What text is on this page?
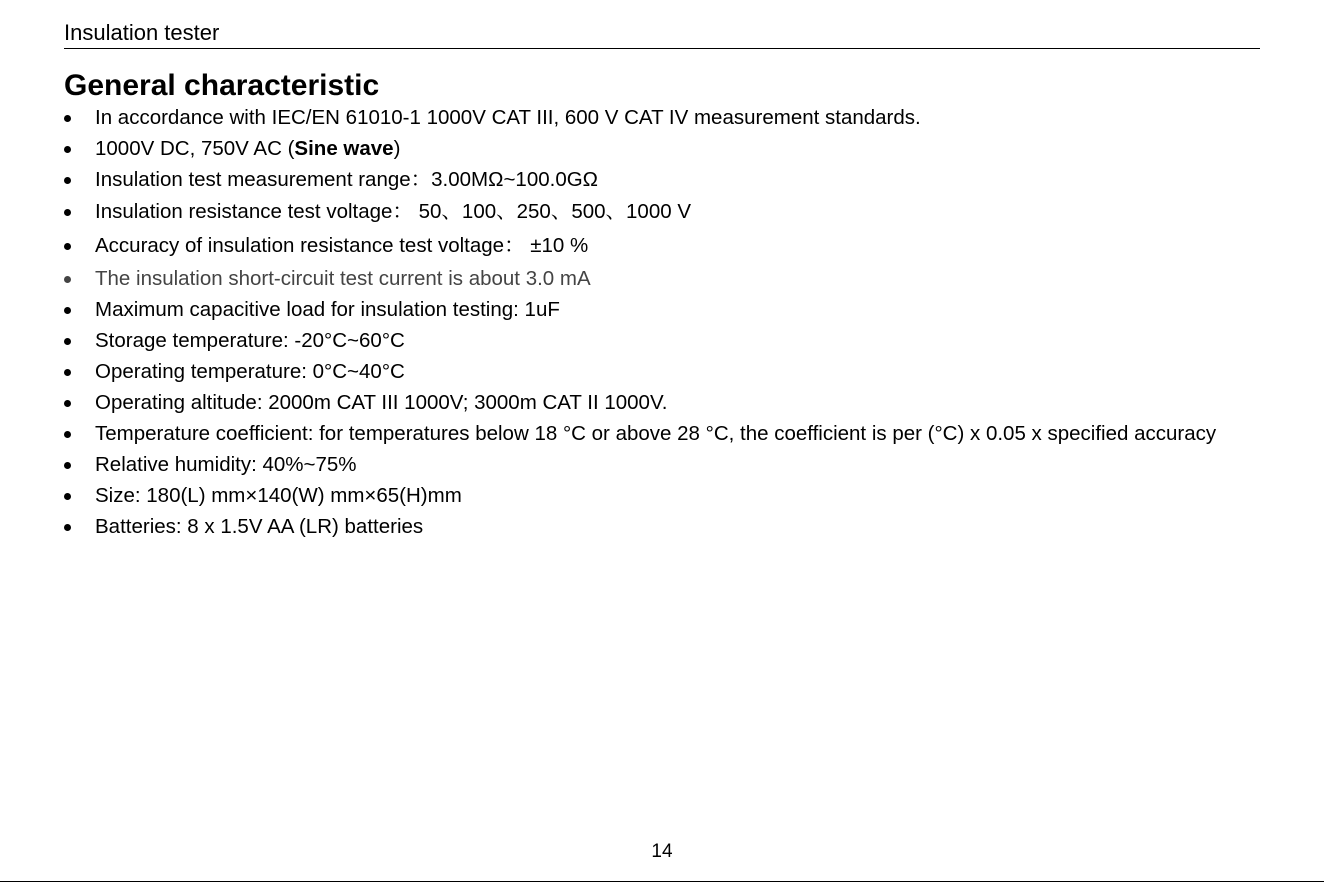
Insulation tester
General characteristic
In accordance with IEC/EN 61010-1 1000V CAT III, 600 V CAT IV measurement standards.
1000V DC, 750V AC (Sine wave)
Insulation test measurement range：3.00MΩ~100.0GΩ
Insulation resistance test voltage： 50、100、250、500、1000 V
Accuracy of insulation resistance test voltage： ±10 %
The insulation short-circuit test current is about 3.0 mA
Maximum capacitive load for insulation testing: 1uF
Storage temperature: -20°C~60°C
Operating temperature: 0°C~40°C
Operating altitude: 2000m CAT III 1000V; 3000m CAT II 1000V.
Temperature coefficient: for temperatures below 18 °C or above 28 °C, the coefficient is per (°C) x 0.05 x specified accuracy
Relative humidity: 40%~75%
Size: 180(L) mm×140(W) mm×65(H)mm
Batteries: 8 x 1.5V AA (LR) batteries
14
